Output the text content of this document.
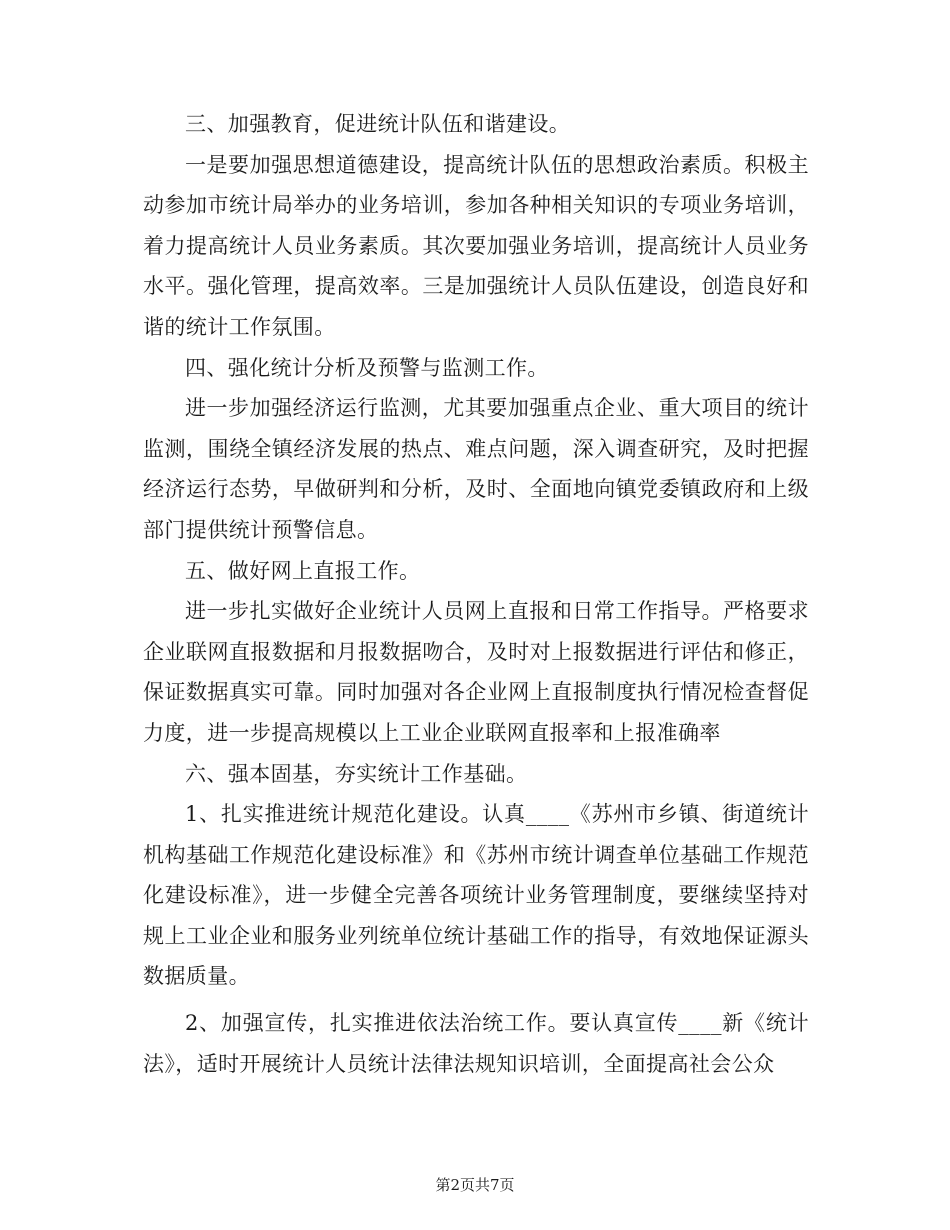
三、加强教育，促进统计队伍和谐建设。

一是要加强思想道德建设，提高统计队伍的思想政治素质。积极主动参加市统计局举办的业务培训，参加各种相关知识的专项业务培训，着力提高统计人员业务素质。其次要加强业务培训，提高统计人员业务水平。强化管理，提高效率。三是加强统计人员队伍建设，创造良好和谐的统计工作氛围。

四、强化统计分析及预警与监测工作。

进一步加强经济运行监测，尤其要加强重点企业、重大项目的统计监测，围绕全镇经济发展的热点、难点问题，深入调查研究，及时把握经济运行态势，早做研判和分析，及时、全面地向镇党委镇政府和上级部门提供统计预警信息。

五、做好网上直报工作。

进一步扎实做好企业统计人员网上直报和日常工作指导。严格要求企业联网直报数据和月报数据吻合，及时对上报数据进行评估和修正，保证数据真实可靠。同时加强对各企业网上直报制度执行情况检查督促力度，进一步提高规模以上工业企业联网直报率和上报准确率

六、强本固基，夯实统计工作基础。

1、扎实推进统计规范化建设。认真____《苏州市乡镇、街道统计机构基础工作规范化建设标准》和《苏州市统计调查单位基础工作规范化建设标准》，进一步健全完善各项统计业务管理制度，要继续坚持对规上工业企业和服务业列统单位统计基础工作的指导，有效地保证源头数据质量。

2、加强宣传，扎实推进依法治统工作。要认真宣传____新《统计法》，适时开展统计人员统计法律法规知识培训，全面提高社会公众

第2页共7页
